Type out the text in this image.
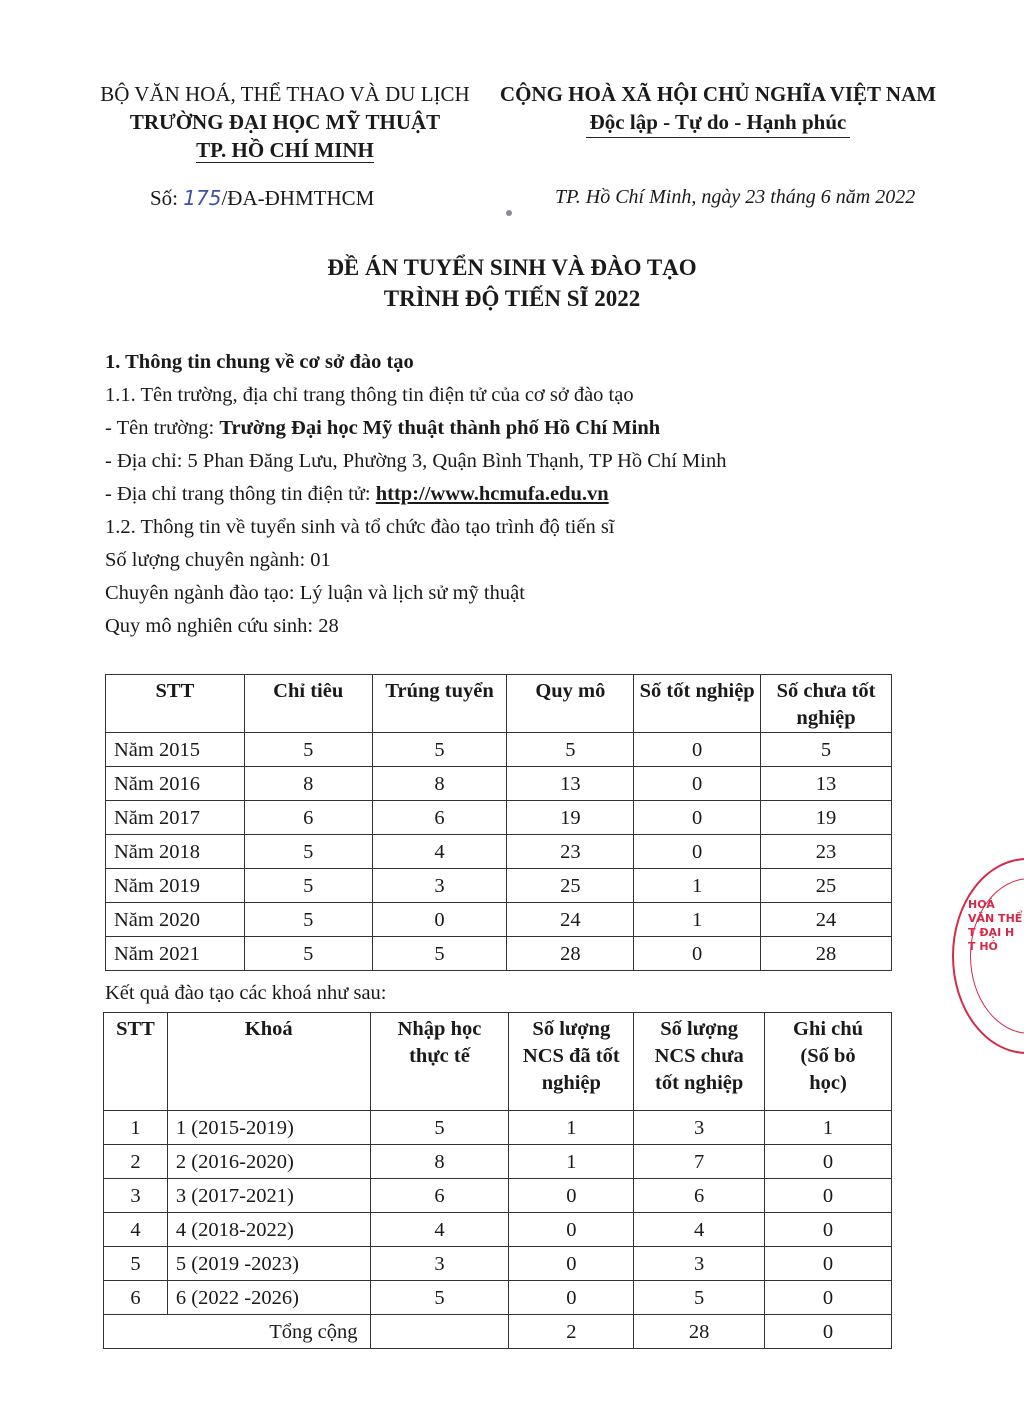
BỘ VĂN HOÁ, THỂ THAO VÀ DU LỊCH
TRƯỜNG ĐẠI HỌC MỸ THUẬT
TP. HỒ CHÍ MINH
CỘNG HOÀ XÃ HỘI CHỦ NGHĨA VIỆT NAM
Độc lập - Tự do - Hạnh phúc
Số: 175/ĐA-ĐHMTHCM	TP. Hồ Chí Minh, ngày 23 tháng 6 năm 2022
ĐỀ ÁN TUYỂN SINH VÀ ĐÀO TẠO
TRÌNH ĐỘ TIẾN SĨ 2022
1. Thông tin chung về cơ sở đào tạo
1.1. Tên trường, địa chỉ trang thông tin điện tử của cơ sở đào tạo
- Tên trường: Trường Đại học Mỹ thuật thành phố Hồ Chí Minh
- Địa chỉ: 5 Phan Đăng Lưu, Phường 3, Quận Bình Thạnh, TP Hồ Chí Minh
- Địa chỉ trang thông tin điện tử: http://www.hcmufa.edu.vn
1.2. Thông tin về tuyển sinh và tổ chức đào tạo trình độ tiến sĩ
Số lượng chuyên ngành: 01
Chuyên ngành đào tạo: Lý luận và lịch sử mỹ thuật
Quy mô nghiên cứu sinh: 28
STT	Chỉ tiêu	Trúng tuyển	Quy mô	Số tốt nghiệp	Số chưa tốt nghiệp
Năm 2015	5	5	5	0	5
Năm 2016	8	8	13	0	13
Năm 2017	6	6	19	0	19
Năm 2018	5	4	23	0	23
Năm 2019	5	3	25	1	25
Năm 2020	5	0	24	1	24
Năm 2021	5	5	28	0	28
Kết quả đào tạo các khoá như sau:
STT	Khoá	Nhập học thực tế	Số lượng NCS đã tốt nghiệp	Số lượng NCS chưa tốt nghiệp	Ghi chú (Số bỏ học)
1	1 (2015-2019)	5	1	3	1
2	2 (2016-2020)	8	1	7	0
3	3 (2017-2021)	6	0	6	0
4	4 (2018-2022)	4	0	4	0
5	5 (2019 -2023)	3	0	3	0
6	6 (2022 -2026)	5	0	5	0
Tổng cộng			2	28	0
HOÁ VĂN THỂ T ĐẠI H T HÓ
